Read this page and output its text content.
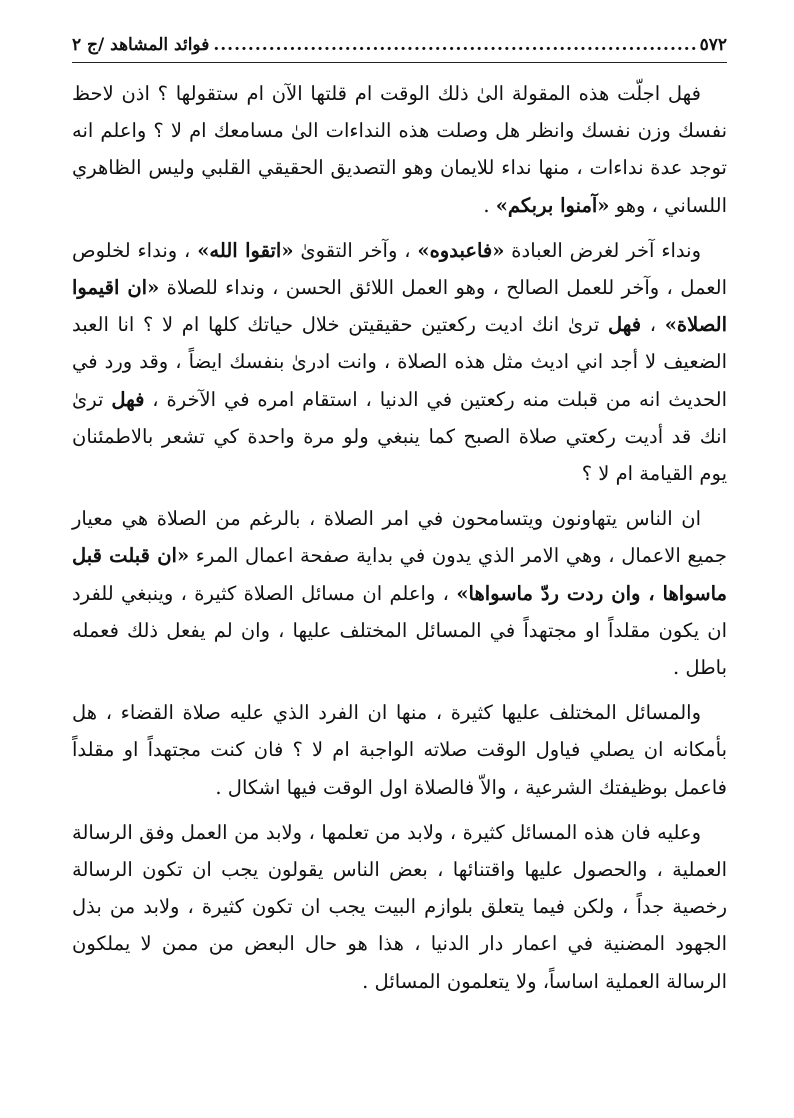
٥٧٢
.....
فوائد المشاهد /ج ٢

فهل اجلّت هذه المقولة الىٰ ذلك الوقت ام قلتها الآن ام ستقولها ؟ اذن لاحظ نفسك وزن نفسك وانظر هل وصلت هذه النداءات الىٰ مسامعك ام لا ؟ واعلم انه توجد عدة نداءات ، منها نداء للايمان وهو التصديق الحقيقي القلبي وليس الظاهري اللساني ، وهو «آمنوا بربكم» .

ونداء آخر لغرض العبادة «فاعبدوه» ، وآخر التقوىٰ «اتقوا الله» ، ونداء لخلوص العمل ، وآخر للعمل الصالح ، وهو العمل اللائق الحسن ، ونداء للصلاة «ان اقيموا الصلاة» ، فهل ترىٰ انك اديت ركعتين حقيقيتن خلال حياتك كلها ام لا ؟ انا العبد الضعيف لا أجد اني اديث مثل هذه الصلاة ، وانت ادرىٰ بنفسك ايضاً ، وقد ورد في الحديث انه من قبلت منه ركعتين في الدنيا ، استقام امره في الآخرة ، فهل ترىٰ انك قد أديت ركعتي صلاة الصبح كما ينبغي ولو مرة واحدة كي تشعر بالاطمئنان يوم القيامة ام لا ؟

ان الناس يتهاونون ويتسامحون في امر الصلاة ، بالرغم من الصلاة هي معيار جميع الاعمال ، وهي الامر الذي يدون في بداية صفحة اعمال المرء «ان قبلت قبل ماسواها ، وان ردت ردّ ماسواها» ، واعلم ان مسائل الصلاة كثيرة ، وينبغي للفرد ان يكون مقلداً او مجتهداً في المسائل المختلف عليها ، وان لم يفعل ذلك فعمله باطل .

والمسائل المختلف عليها كثيرة ، منها ان الفرد الذي عليه صلاة القضاء ، هل بأمكانه ان يصلي فياول الوقت صلاته الواجبة ام لا ؟ فان كنت مجتهداً او مقلداً فاعمل بوظيفتك الشرعية ، والاّ فالصلاة اول الوقت فيها اشكال .

وعليه فان هذه المسائل كثيرة ، ولابد من تعلمها ، ولابد من العمل وفق الرسالة العملية ، والحصول عليها واقتنائها ، بعض الناس يقولون يجب ان تكون الرسالة رخصية جداً ، ولكن فيما يتعلق بلوازم البيت يجب ان تكون كثيرة ، ولابد من بذل الجهود المضنية في اعمار دار الدنيا ، هذا هو حال البعض من ممن لا يملكون الرسالة العملية اساساً، ولا يتعلمون المسائل .
